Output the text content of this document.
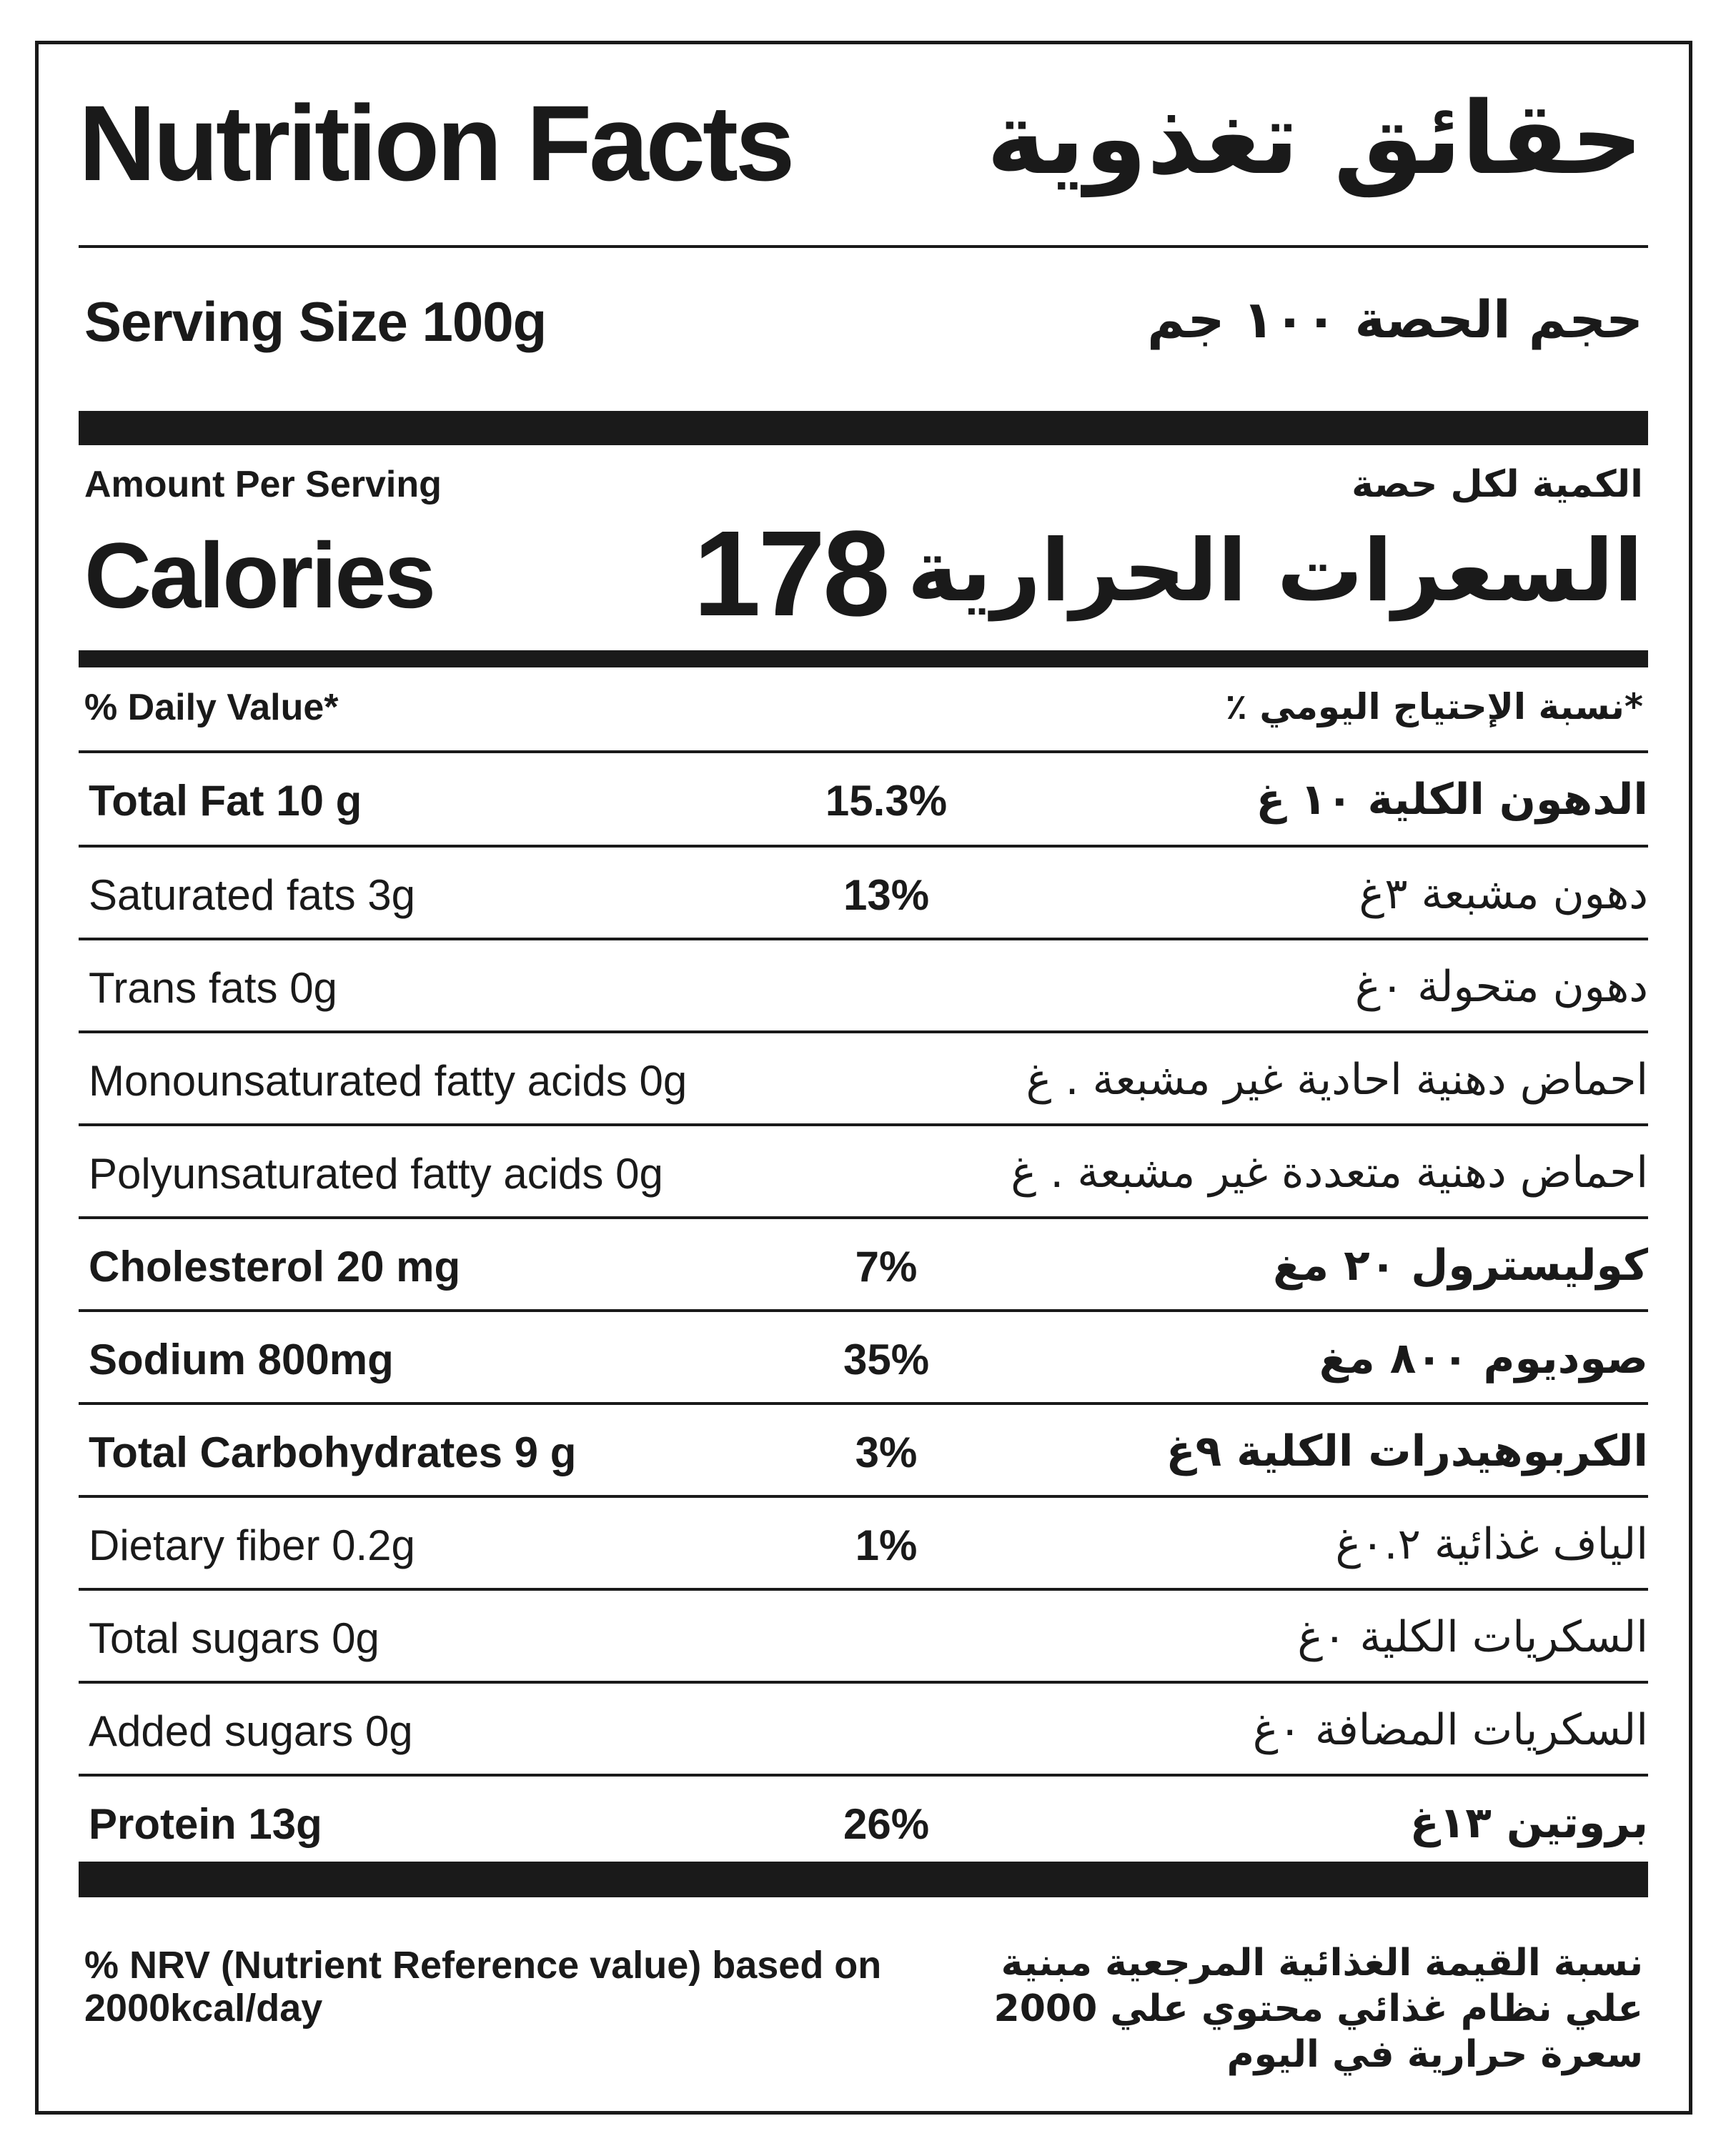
Nutrition Facts حقائق تغذوية
Serving Size 100g	حجم الحصة ١٠٠ جم
Amount Per Serving	الكمية لكل حصة
Calories 178 السعرات الحرارية
% Daily Value*	*نسبة الإحتياج اليومي ٪
Total Fat 10 g	15.3%	الدهون الكلية ١٠ غ
Saturated fats 3g	13%	دهون مشبعة ٣غ
Trans fats 0g	دهون متحولة ٠غ
Monounsaturated fatty acids 0g	احماض دهنية احادية غير مشبعة . غ
Polyunsaturated fatty acids 0g	احماض دهنية متعددة غير مشبعة . غ
Cholesterol 20 mg	7%	كوليسترول ٢٠ مغ
Sodium 800mg	35%	صوديوم ٨٠٠ مغ
Total Carbohydrates 9 g	3%	الكربوهيدرات الكلية ٩غ
Dietary fiber 0.2g	1%	الياف غذائية ٠.٢غ
Total sugars 0g	السكريات الكلية ٠غ
Added sugars 0g	السكريات المضافة ٠غ
Protein 13g	26%	بروتين ١٣غ
% NRV (Nutrient Reference value) based on 2000kcal/day
نسبة القيمة الغذائية المرجعية مبنية علي نظام غذائي محتوي علي 2000 سعرة حرارية في اليوم
